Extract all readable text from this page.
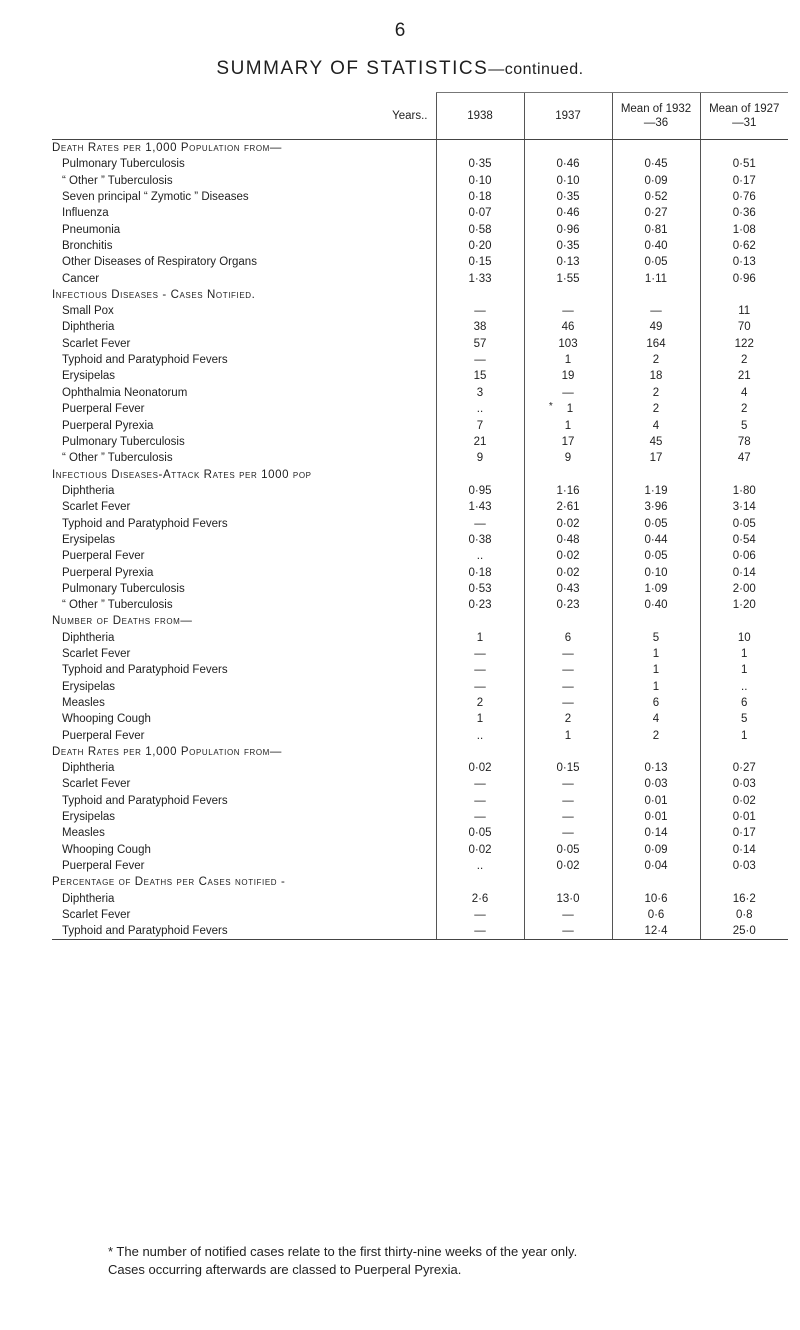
6
SUMMARY OF STATISTICS—continued.
Years..	1938	1937	Mean of 1932—36	Mean of 1927—31
Death Rates per 1,000 Population from—				
Pulmonary Tuberculosis	0·35	0·46	0·45	0·51
“ Other ” Tuberculosis	0·10	0·10	0·09	0·17
Seven principal “ Zymotic ” Diseases	0·18	0·35	0·52	0·76
Influenza	0·07	0·46	0·27	0·36
Pneumonia	0·58	0·96	0·81	1·08
Bronchitis	0·20	0·35	0·40	0·62
Other Diseases of Respiratory Organs	0·15	0·13	0·05	0·13
Cancer	1·33	1·55	1·11	0·96
Infectious Diseases - Cases Notified.				
Small Pox	—	—	—	11
Diphtheria	38	46	49	70
Scarlet Fever	57	103	164	122
Typhoid and Paratyphoid Fevers	—	1	2	2
Erysipelas	15	19	18	21
Ophthalmia Neonatorum	3	—	2	4
Puerperal Fever	..	* 1	2	2
Puerperal Pyrexia	7	1	4	5
Pulmonary Tuberculosis	21	17	45	78
“ Other ” Tuberculosis	9	9	17	47
Infectious Diseases-Attack Rates per 1000 pop				
Diphtheria	0·95	1·16	1·19	1·80
Scarlet Fever	1·43	2·61	3·96	3·14
Typhoid and Paratyphoid Fevers	—	0·02	0·05	0·05
Erysipelas	0·38	0·48	0·44	0·54
Puerperal Fever	..	0·02	0·05	0·06
Puerperal Pyrexia	0·18	0·02	0·10	0·14
Pulmonary Tuberculosis	0·53	0·43	1·09	2·00
“ Other ” Tuberculosis	0·23	0·23	0·40	1·20
Number of Deaths from—				
Diphtheria	1	6	5	10
Scarlet Fever	—	—	1	1
Typhoid and Paratyphoid Fevers	—	—	1	1
Erysipelas	—	—	1	..
Measles	2	—	6	6
Whooping Cough	1	2	4	5
Puerperal Fever	..	1	2	1
Death Rates per 1,000 Population from—				
Diphtheria	0·02	0·15	0·13	0·27
Scarlet Fever	—	—	0·03	0·03
Typhoid and Paratyphoid Fevers	—	—	0·01	0·02
Erysipelas	—	—	0·01	0·01
Measles	0·05	—	0·14	0·17
Whooping Cough	0·02	0·05	0·09	0·14
Puerperal Fever	..	0·02	0·04	0·03
Percentage of Deaths per Cases notified -				
Diphtheria	2·6	13·0	10·6	16·2
Scarlet Fever	—	—	0·6	0·8
Typhoid and Paratyphoid Fevers	—	—	12·4	25·0
* The number of notified cases relate to the first thirty-nine weeks of the year only.
Cases occurring afterwards are classed to Puerperal Pyrexia.
